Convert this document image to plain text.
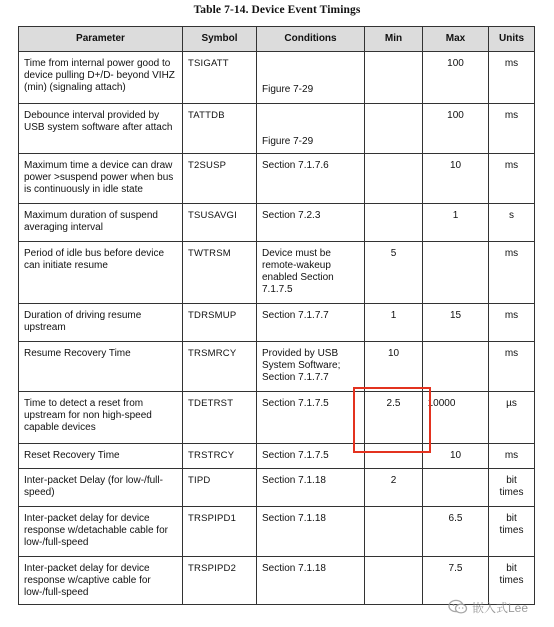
Table 7-14. Device Event Timings
Parameter	Symbol	Conditions	Min	Max	Units
Time from internal power good to device pulling D+/D- beyond VIHZ (min) (signaling attach)	TSIGATT	Figure 7-29		100	ms
Debounce interval provided by USB system software after attach	TATTDB	Figure 7-29		100	ms
Maximum time a device can draw power >suspend power when bus is continuously in idle state	T2SUSP	Section 7.1.7.6		10	ms
Maximum duration of suspend averaging interval	TSUSAVGI	Section 7.2.3		1	s
Period of idle bus before device can initiate resume	TWTRSM	Device must be remote-wakeup enabled Section 7.1.7.5	5		ms
Duration of driving resume upstream	TDRSMUP	Section 7.1.7.7	1	15	ms
Resume Recovery Time	TRSMRCY	Provided by USB System Software; Section 7.1.7.7	10		ms
Time to detect a reset from upstream for non high-speed capable devices	TDETRST	Section 7.1.7.5	2.5	10000	µs
Reset Recovery Time	TRSTRCY	Section 7.1.7.5		10	ms
Inter-packet Delay (for low-/full-speed)	TIPD	Section 7.1.18	2		bit times
Inter-packet delay for device response w/detachable cable for low-/full-speed	TRSPIPD1	Section 7.1.18		6.5	bit times
Inter-packet delay for device response w/captive cable for low-/full-speed	TRSPIPD2	Section 7.1.18		7.5	bit times
嵌入式Lee
